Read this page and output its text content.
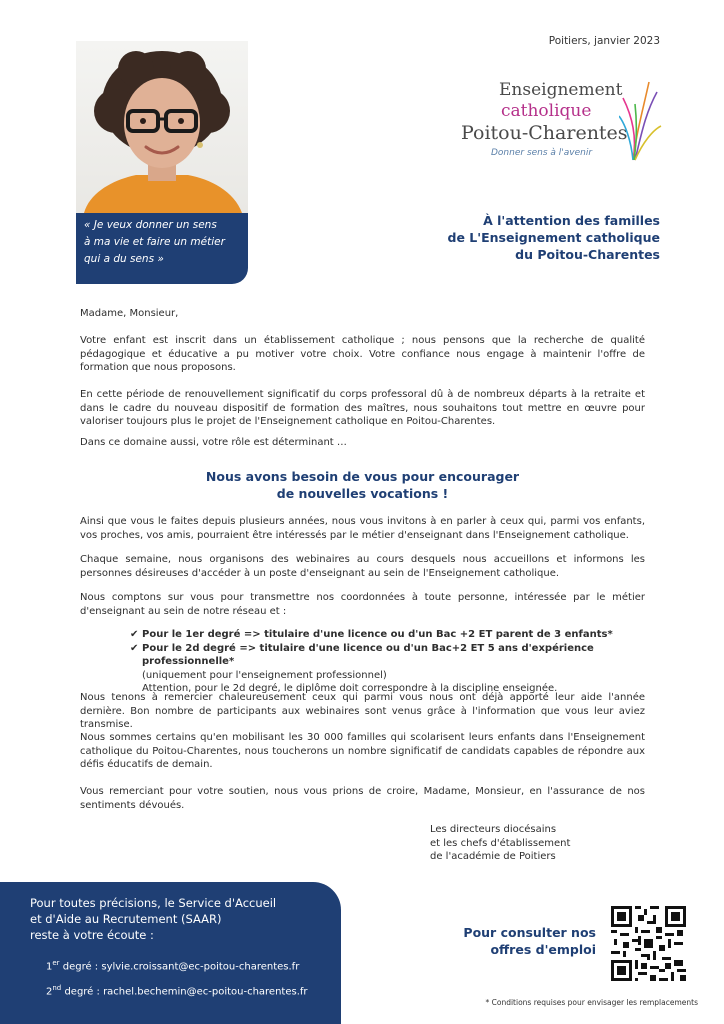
Poitiers, janvier 2023
« Je veux donner un sens
à ma vie et faire un métier
qui a du sens »
Enseignement
catholique
Poitou-Charentes
Donner sens à l'avenir
À l'attention des familles
de L'Enseignement catholique
du Poitou-Charentes

Madame, Monsieur,

Votre enfant est inscrit dans un établissement catholique ; nous pensons que la recherche de qualité pédagogique et éducative a pu motiver votre choix. Votre confiance nous engage à maintenir l'offre de formation que nous proposons.

En cette période de renouvellement significatif du corps professoral dû à de nombreux départs à la retraite et dans le cadre du nouveau dispositif de formation des maîtres, nous souhaitons tout mettre en œuvre pour valoriser toujours plus le projet de l'Enseignement catholique en Poitou-Charentes.

Dans ce domaine aussi, votre rôle est déterminant …

Nous avons besoin de vous pour encourager
de nouvelles vocations !

Ainsi que vous le faites depuis plusieurs années, nous vous invitons à en parler à ceux qui, parmi vos enfants, vos proches, vos amis, pourraient être intéressés par le métier d'enseignant dans l'Enseignement catholique.

Chaque semaine, nous organisons des webinaires au cours desquels nous accueillons et informons les personnes désireuses d'accéder à un poste d'enseignant au sein de l'Enseignement catholique.

Nous comptons sur vous pour transmettre nos coordonnées à toute personne, intéressée par le métier d'enseignant au sein de notre réseau et :

✔ Pour le 1er degré => titulaire d'une licence ou d'un Bac +2 ET parent de 3 enfants*
✔ Pour le 2d degré => titulaire d'une licence ou d'un Bac+2 ET 5 ans d'expérience professionnelle*
(uniquement pour l'enseignement professionnel)
Attention, pour le 2d degré, le diplôme doit correspondre à la discipline enseignée.

Nous tenons à remercier chaleureusement ceux qui parmi vous nous ont déjà apporté leur aide l'année dernière. Bon nombre de participants aux webinaires sont venus grâce à l'information que vous leur aviez transmise.

Nous sommes certains qu'en mobilisant les 30 000 familles qui scolarisent leurs enfants dans l'Enseignement catholique du Poitou-Charentes, nous toucherons un nombre significatif de candidats capables de répondre aux défis éducatifs de demain.

Vous remerciant pour votre soutien, nous vous prions de croire, Madame, Monsieur, en l'assurance de nos sentiments dévoués.

Les directeurs diocésains
et les chefs d'établissement
de l'académie de Poitiers
Pour toutes précisions, le Service d'Accueil
et d'Aide au Recrutement (SAAR)
reste à votre écoute :
1er degré : sylvie.croissant@ec-poitou-charentes.fr
2nd degré : rachel.bechemin@ec-poitou-charentes.fr
Pour consulter nos
offres d'emploi
* Conditions requises pour envisager les remplacements
